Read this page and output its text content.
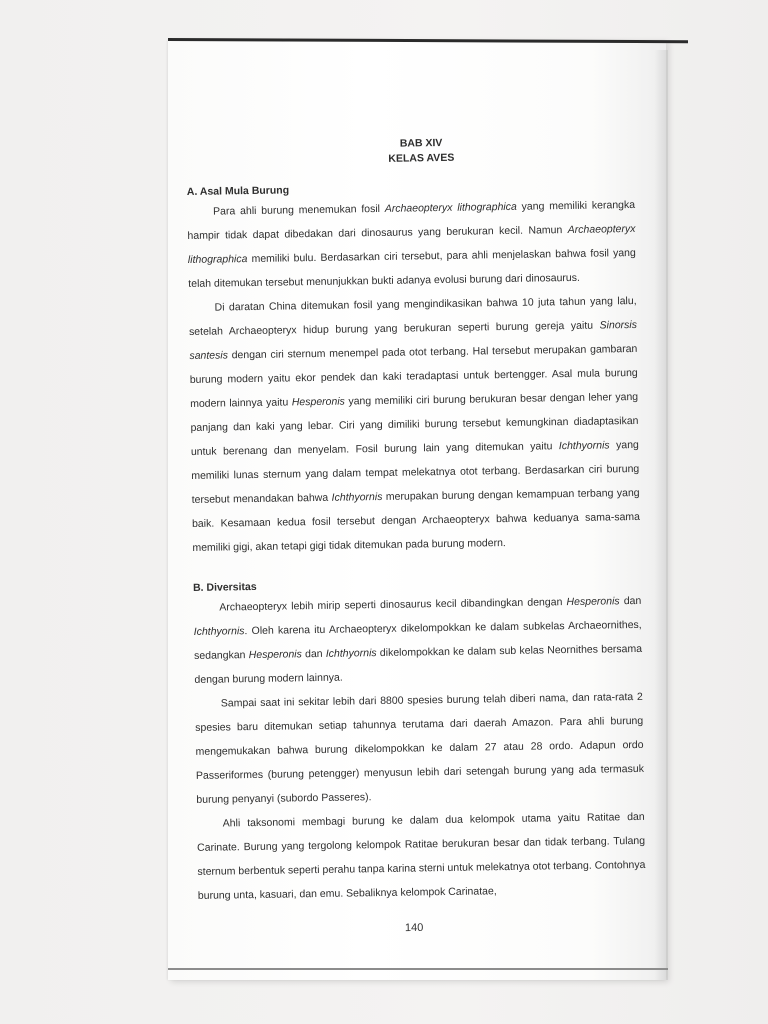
BAB XIV
KELAS AVES
A. Asal Mula Burung

Para ahli burung menemukan fosil Archaeopteryx lithographica yang memiliki kerangka hampir tidak dapat dibedakan dari dinosaurus yang berukuran kecil. Namun Archaeopteryx lithographica memiliki bulu. Berdasarkan ciri tersebut, para ahli menjelaskan bahwa fosil yang telah ditemukan tersebut menunjukkan bukti adanya evolusi burung dari dinosaurus.

Di daratan China ditemukan fosil yang mengindikasikan bahwa 10 juta tahun yang lalu, setelah Archaeopteryx hidup burung yang berukuran seperti burung gereja yaitu Sinorsis santesis dengan ciri sternum menempel pada otot terbang. Hal tersebut merupakan gambaran burung modern yaitu ekor pendek dan kaki teradaptasi untuk bertengger. Asal mula burung modern lainnya yaitu Hesperonis yang memiliki ciri burung berukuran besar dengan leher yang panjang dan kaki yang lebar. Ciri yang dimiliki burung tersebut kemungkinan diadaptasikan untuk berenang dan menyelam. Fosil burung lain yang ditemukan yaitu Ichthyornis yang memiliki lunas sternum yang dalam tempat melekatnya otot terbang. Berdasarkan ciri burung tersebut menandakan bahwa Ichthyornis merupakan burung dengan kemampuan terbang yang baik. Kesamaan kedua fosil tersebut dengan Archaeopteryx bahwa keduanya sama-sama memiliki gigi, akan tetapi gigi tidak ditemukan pada burung modern.

B. Diversitas

Archaeopteryx lebih mirip seperti dinosaurus kecil dibandingkan dengan Hesperonis dan Ichthyornis. Oleh karena itu Archaeopteryx dikelompokkan ke dalam subkelas Archaeornithes, sedangkan Hesperonis dan Ichthyornis dikelompokkan ke dalam sub kelas Neornithes bersama dengan burung modern lainnya.

Sampai saat ini sekitar lebih dari 8800 spesies burung telah diberi nama, dan rata-rata 2 spesies baru ditemukan setiap tahunnya terutama dari daerah Amazon. Para ahli burung mengemukakan bahwa burung dikelompokkan ke dalam 27 atau 28 ordo. Adapun ordo Passeriformes (burung petengger) menyusun lebih dari setengah burung yang ada termasuk burung penyanyi (subordo Passeres).

Ahli taksonomi membagi burung ke dalam dua kelompok utama yaitu Ratitae dan Carinate. Burung yang tergolong kelompok Ratitae berukuran besar dan tidak terbang. Tulang sternum berbentuk seperti perahu tanpa karina sterni untuk melekatnya otot terbang. Contohnya burung unta, kasuari, dan emu. Sebaliknya kelompok Carinatae,

140
